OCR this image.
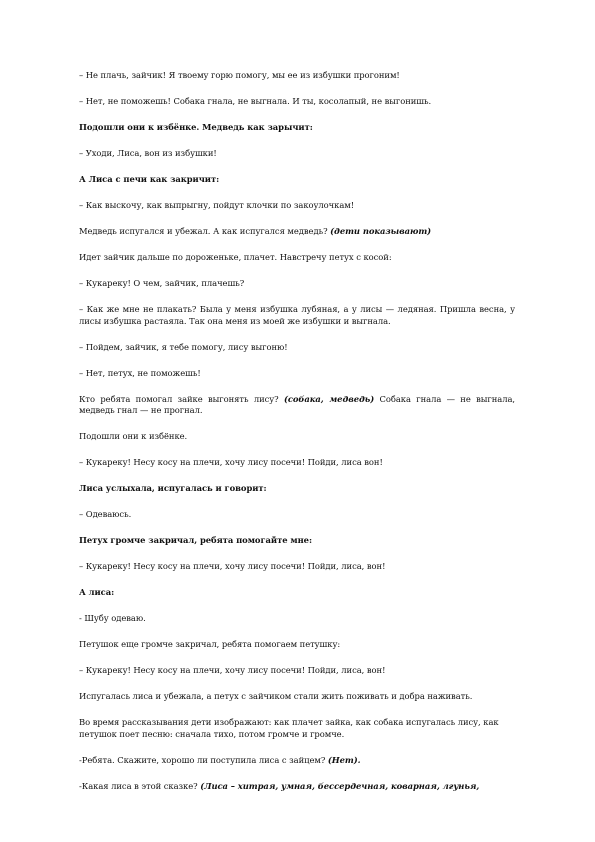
– Не плачь, зайчик! Я твоему горю помогу, мы ее из избушки прогоним!

– Нет, не поможешь! Собака гнала, не выгнала. И ты, косолапый, не выгонишь.

Подошли они к избёнке. Медведь как зарычит:

– Уходи, Лиса, вон из избушки!

А Лиса с печи как закричит:

– Как выскочу, как выпрыгну, пойдут клочки по закоулочкам!

Медведь испугался и убежал. А как испугался медведь? (дети показывают)

Идет зайчик дальше по дороженьке, плачет. Навстречу петух с косой:

– Кукареку! О чем, зайчик, плачешь?

– Как же мне не плакать? Была у меня избушка лубяная, а у лисы — ледяная. Пришла весна, у лисы избушка растаяла. Так она меня из моей же избушки и выгнала.

– Пойдем, зайчик, я тебе помогу, лису выгоню!

– Нет, петух, не поможешь!

Кто ребята помогал зайке выгонять лису? (собака, медведь) Собака гнала — не выгнала, медведь гнал — не прогнал.

Подошли они к избёнке.

– Кукареку! Несу косу на плечи, хочу лису посечи! Пойди, лиса вон!

Лиса услыхала, испугалась и говорит:

– Одеваюсь.

Петух громче закричал, ребята помогайте мне:

– Кукареку! Несу косу на плечи, хочу лису посечи! Пойди, лиса, вон!

А лиса:

- Шубу одеваю.

Петушок еще громче закричал, ребята помогаем петушку:

– Кукареку! Несу косу на плечи, хочу лису посечи! Пойди, лиса, вон!

Испугалась лиса и убежала, а петух с зайчиком стали жить поживать и добра наживать.

Во время рассказывания дети изображают: как плачет зайка, как собака испугалась лису, как петушок поет песню: сначала тихо, потом громче и громче.

-Ребята. Скажите, хорошо ли поступила лиса с зайцем? (Нет).

-Какая лиса в этой сказке? (Лиса – хитрая, умная, бессердечная, коварная, лгунья,
